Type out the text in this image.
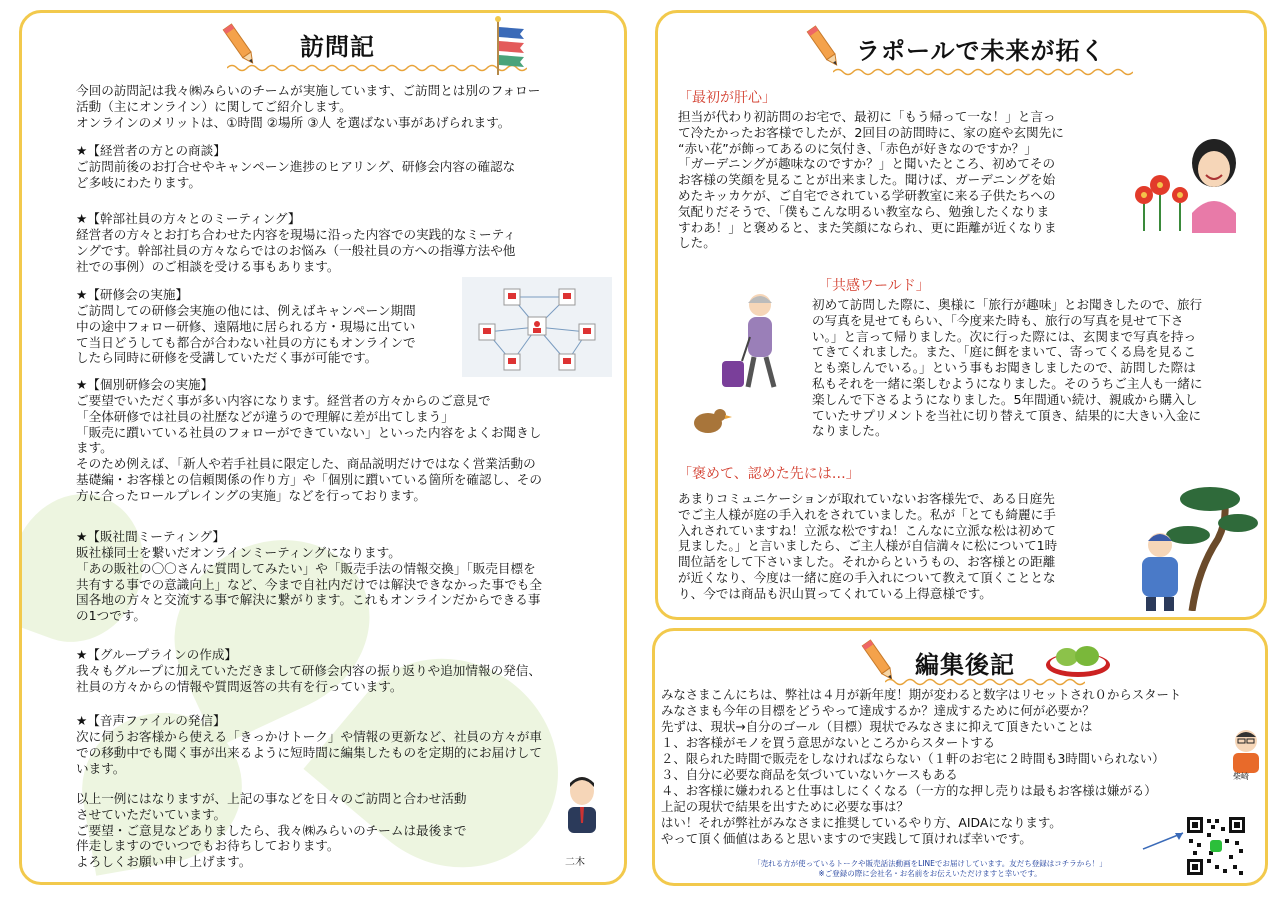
訪問記
今回の訪問記は我々㈱みらいのチームが実施しています、ご訪問とは別のフォロー
活動（主にオンライン）に関してご紹介します。
オンラインのメリットは、①時間 ②場所 ③人 を選ばない事があげられます。
★【経営者の方との商談】
ご訪問前後のお打合せやキャンペーン進捗のヒアリング、研修会内容の確認な
ど多岐にわたります。
★【幹部社員の方々とのミーティング】
経営者の方々とお打ち合わせた内容を現場に沿った内容での実践的なミーティ
ングです。幹部社員の方々ならではのお悩み（一般社員の方への指導方法や他
社での事例）のご相談を受ける事もあります。
★【研修会の実施】
ご訪問しての研修会実施の他には、例えばキャンペーン期間
中の途中フォロー研修、遠隔地に居られる方・現場に出てい
て当日どうしても都合が合わない社員の方にもオンラインで
したら同時に研修を受講していただく事が可能です。
★【個別研修会の実施】
ご要望でいただく事が多い内容になります。経営者の方々からのご意見で
「全体研修では社員の社歴などが違うので理解に差が出てしまう」
「販売に躓いている社員のフォローができていない」といった内容をよくお聞きし
ます。
そのため例えば、「新人や若手社員に限定した、商品説明だけではなく営業活動の
基礎編・お客様との信頼関係の作り方」や「個別に躓いている箇所を確認し、その
方に合ったロールプレイングの実施」などを行っております。
★【販社間ミーティング】
販社様同士を繋いだオンラインミーティングになります。
「あの販社の〇〇さんに質問してみたい」や「販売手法の情報交換」「販売目標を
共有する事での意識向上」など、今まで自社内だけでは解決できなかった事でも全
国各地の方々と交流する事で解決に繋がります。これもオンラインだからできる事
の1つです。
★【グループラインの作成】
我々もグループに加えていただきまして研修会内容の振り返りや追加情報の発信、
社員の方々からの情報や質問返答の共有を行っています。
★【音声ファイルの発信】
次に伺うお客様から使える「きっかけトーク」や情報の更新など、社員の方々が車
での移動中でも聞く事が出来るように短時間に編集したものを定期的にお届けして
います。
以上一例にはなりますが、上記の事などを日々のご訪問と合わせ活動
させていただいています。
ご要望・ご意見などありましたら、我々㈱みらいのチームは最後まで
伴走しますのでいつでもお待ちしております。
よろしくお願い申し上げます。	二木
ラポールで未来が拓く
「最初が肝心」
担当が代わり初訪問のお宅で、最初に「もう帰って一な！」と言っ
て冷たかったお客様でしたが、2回目の訪問時に、家の庭や玄関先に
“赤い花”が飾ってあるのに気付き、「赤色が好きなのですか？」
「ガーデニングが趣味なのですか？」と聞いたところ、初めてその
お客様の笑顔を見ることが出来ました。聞けば、ガーデニングを始
めたキッカケが、ご自宅でされている学研教室に来る子供たちへの
気配りだそうで、「僕もこんな明るい教室なら、勉強したくなりま
すわあ！」と褒めると、また笑顔になられ、更に距離が近くなりま
した。
「共感ワールド」
初めて訪問した際に、奥様に「旅行が趣味」とお聞きしたので、旅行
の写真を見せてもらい、「今度来た時も、旅行の写真を見せて下さ
い。」と言って帰りました。次に行った際には、玄関まで写真を持っ
てきてくれました。また、「庭に餌をまいて、寄ってくる鳥を見るこ
とも楽しんでいる。」という事もお聞きしましたので、訪問した際は
私もそれを一緒に楽しむようになりました。そのうちご主人も一緒に
楽しんで下さるようになりました。5年間通い続け、親戚から購入し
ていたサプリメントを当社に切り替えて頂き、結果的に大きい入金に
なりました。
「褒めて、認めた先には…」
あまりコミュニケーションが取れていないお客様先で、ある日庭先
でご主人様が庭の手入れをされていました。私が「とても綺麗に手
入れされていますね！立派な松ですね！こんなに立派な松は初めて
見ました。」と言いましたら、ご主人様が自信満々に松について1時
間位話をして下さいました。それからというもの、お客様との距離
が近くなり、今度は一緒に庭の手入れについて教えて頂くこととな
り、今では商品も沢山買ってくれている上得意様です。
編集後記
みなさまこんにちは、弊社は４月が新年度！期が変わると数字はリセットされ０からスタート
みなさまも今年の目標をどうやって達成するか？達成するために何が必要か？
先ずは、現状→自分のゴール（目標）現状でみなさまに抑えて頂きたいことは
１、お客様がモノを買う意思がないところからスタートする
２、限られた時間で販売をしなければならない（１軒のお宅に２時間も3時間いられない）
３、自分に必要な商品を気づいていないケースもある
４、お客様に嫌われると仕事はしにくくなる（一方的な押し売りは最もお客様は嫌がる）
上記の現状で結果を出すために必要な事は？
はい！それが弊社がみなさまに推奨しているやり方、AIDAになります。
やって頂く価値はあると思いますので実践して頂ければ幸いです。
柴崎
「売れる方が使っているトークや販売話法動画をLINEでお届けしています。友だち登録はコチラから！」
※ご登録の際に会社名・お名前をお伝えいただけますと幸いです。
